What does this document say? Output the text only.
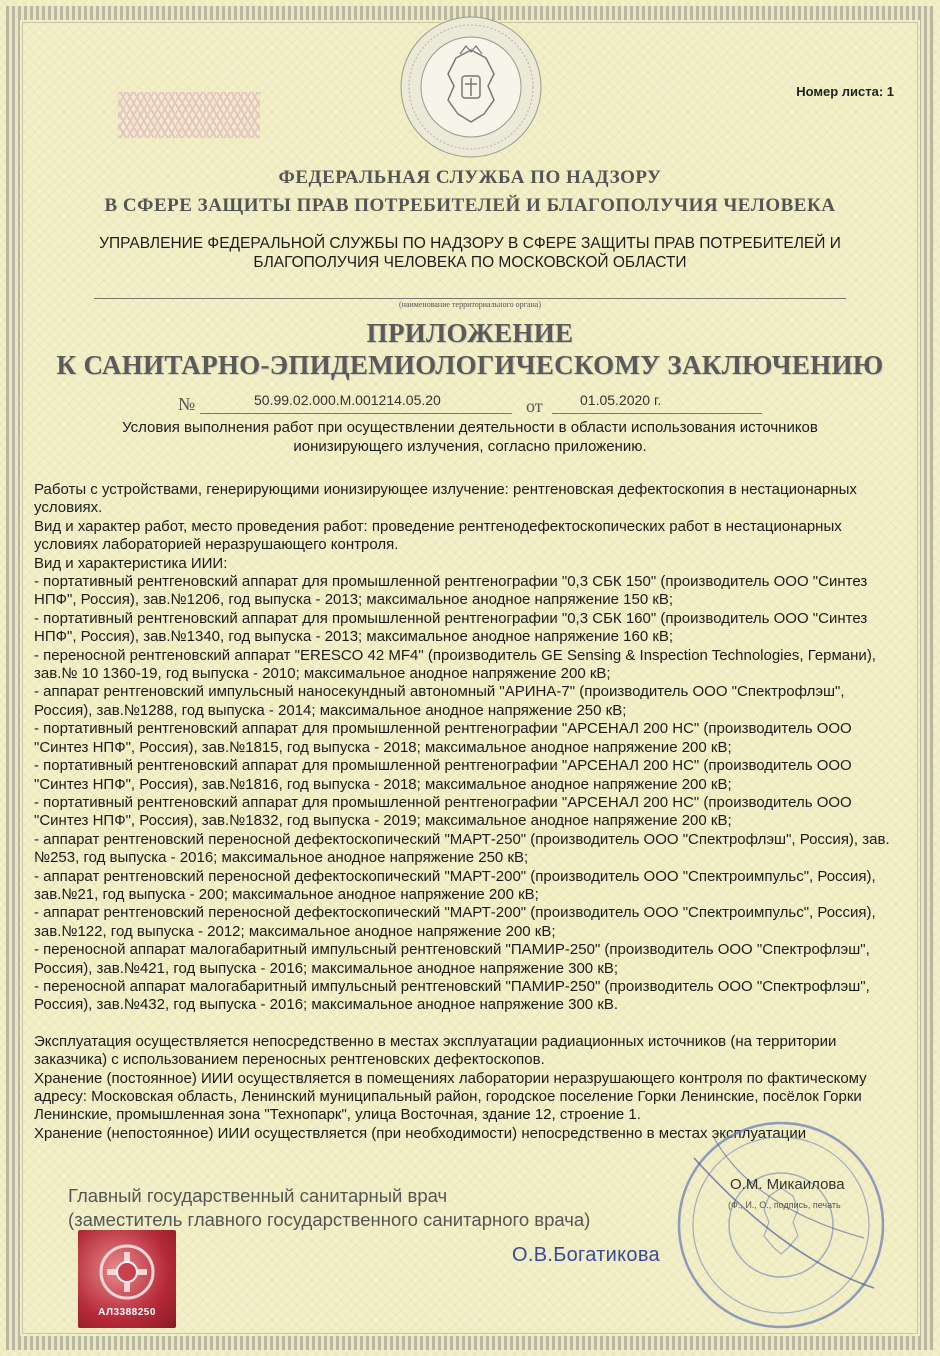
Номер листа: 1
ФЕДЕРАЛЬНАЯ СЛУЖБА ПО НАДЗОРУ
В СФЕРЕ ЗАЩИТЫ ПРАВ ПОТРЕБИТЕЛЕЙ И БЛАГОПОЛУЧИЯ ЧЕЛОВЕКА
УПРАВЛЕНИЕ ФЕДЕРАЛЬНОЙ СЛУЖБЫ ПО НАДЗОРУ В СФЕРЕ ЗАЩИТЫ ПРАВ ПОТРЕБИТЕЛЕЙ И
БЛАГОПОЛУЧИЯ ЧЕЛОВЕКА ПО МОСКОВСКОЙ ОБЛАСТИ
(наименование территориального органа)
ПРИЛОЖЕНИЕ
К САНИТАРНО-ЭПИДЕМИОЛОГИЧЕСКОМУ ЗАКЛЮЧЕНИЮ
№	50.99.02.000.М.001214.05.20	от	01.05.2020 г.
Условия выполнения работ при осуществлении деятельности в области использования источников
ионизирующего излучения, согласно приложению.

Работы с устройствами, генерирующими ионизирующее излучение: рентгеновская дефектоскопия в нестационарных условиях.

Вид и характер работ, место проведения работ: проведение рентгенодефектоскопических работ в нестационарных условиях лабораторией неразрушающего контроля.

Вид и характеристика ИИИ:

- портативный рентгеновский аппарат для промышленной рентгенографии "0,3 СБК 150" (производитель ООО "Синтез НПФ", Россия), зав.№1206, год выпуска - 2013; максимальное анодное напряжение 150 кВ;

- портативный рентгеновский аппарат для промышленной рентгенографии "0,3 СБК 160" (производитель ООО "Синтез НПФ", Россия), зав.№1340, год выпуска - 2013; максимальное анодное напряжение 160 кВ;

- переносной рентгеновский аппарат "ERESCO 42 MF4" (производитель GE Sensing & Inspection Technologies, Германи), зав.№ 10 1360-19, год выпуска - 2010; максимальное анодное напряжение 200 кВ;

- аппарат рентгеновский импульсный наносекундный автономный "АРИНА-7" (производитель ООО "Спектрофлэш", Россия), зав.№1288, год выпуска - 2014; максимальное анодное напряжение 250 кВ;

- портативный рентгеновский аппарат для промышленной рентгенографии "АРСЕНАЛ 200 НС" (производитель ООО "Синтез НПФ", Россия), зав.№1815, год выпуска - 2018; максимальное анодное напряжение 200 кВ;

- портативный рентгеновский аппарат для промышленной рентгенографии "АРСЕНАЛ 200 НС" (производитель ООО "Синтез НПФ", Россия), зав.№1816, год выпуска - 2018; максимальное анодное напряжение 200 кВ;

- портативный рентгеновский аппарат для промышленной рентгенографии "АРСЕНАЛ 200 НС" (производитель ООО "Синтез НПФ", Россия), зав.№1832, год выпуска - 2019; максимальное анодное напряжение 200 кВ;

- аппарат рентгеновский переносной дефектоскопический "МАРТ-250" (производитель ООО "Спектрофлэш", Россия), зав.№253, год выпуска - 2016; максимальное анодное напряжение 250 кВ;

- аппарат рентгеновский переносной дефектоскопический "МАРТ-200" (производитель ООО "Спектроимпульс", Россия), зав.№21, год выпуска - 200; максимальное анодное напряжение 200 кВ;

- аппарат рентгеновский переносной дефектоскопический "МАРТ-200" (производитель ООО "Спектроимпульс", Россия), зав.№122, год выпуска - 2012; максимальное анодное напряжение 200 кВ;

- переносной аппарат малогабаритный импульсный рентгеновский "ПАМИР-250" (производитель ООО "Спектрофлэш", Россия), зав.№421, год выпуска - 2016; максимальное анодное напряжение 300 кВ;

- переносной аппарат малогабаритный импульсный рентгеновский "ПАМИР-250" (производитель ООО "Спектрофлэш", Россия), зав.№432, год выпуска - 2016; максимальное анодное напряжение 300 кВ.

Эксплуатация осуществляется непосредственно в местах эксплуатации радиационных источников (на территории заказчика) с использованием переносных рентгеновских дефектоскопов.

Хранение (постоянное) ИИИ осуществляется в помещениях лаборатории неразрушающего контроля по фактическому адресу: Московская область, Ленинский муниципальный район, городское поселение Горки Ленинские, посёлок Горки Ленинские, промышленная зона "Технопарк", улица Восточная, здание 12, строение 1.

Хранение (непостоянное) ИИИ осуществляется (при необходимости) непосредственно в местах эксплуатации

Главный государственный санитарный врач
(заместитель главного государственного санитарного врача)
О.М. Микаилова
(Ф., И., О., подпись, печать
О.В.Богатикова
АЛ3388250
